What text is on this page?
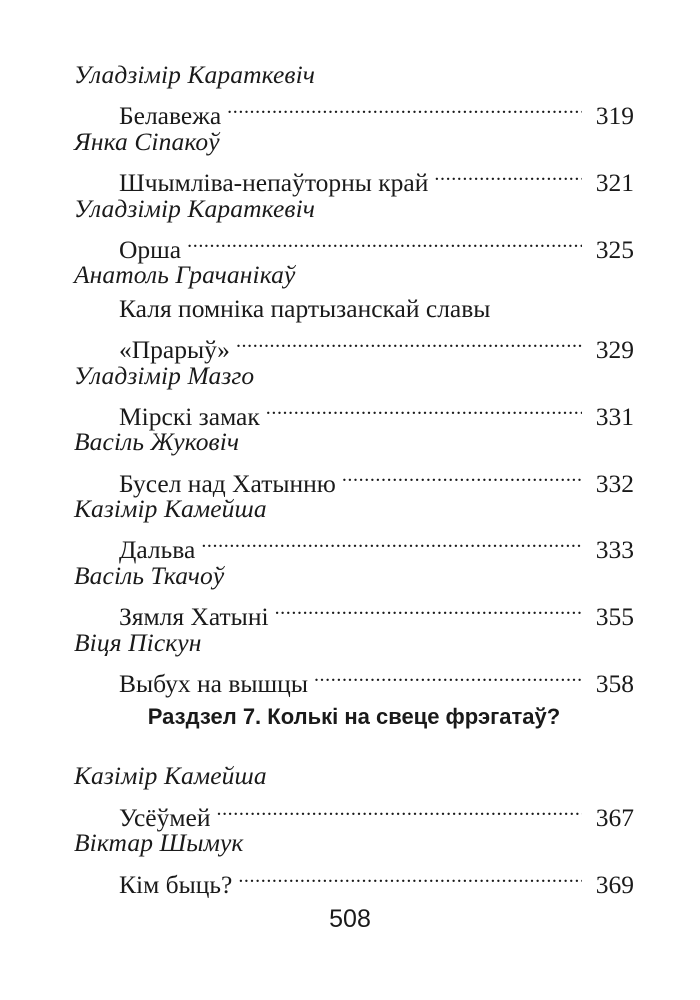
Уладзімір Караткевіч
Белавежа . . .	319
Янка Сіпакоў
Шчымліва-непаўторны край . . .	321
Уладзімір Караткевіч
Орша . . .	325
Анатоль Грачанікаў
Каля помніка партызанскай славы
«Прарыў» . . .	329
Уладзімір Мазго
Мірскі замак . . .	331
Васіль Жуковіч
Бусел над Хатынню . . .	332
Казімір Камейша
Дальва . . .	333
Васіль Ткачоў
Зямля Хатыні . . .	355
Віця Піскун
Выбух на вышцы . . .	358
Раздзел 7. Колькі на свеце фрэгатаў?
Казімір Камейша
Усёўмей . . .	367
Віктар Шымук
Кім быць? . . .	369
508
